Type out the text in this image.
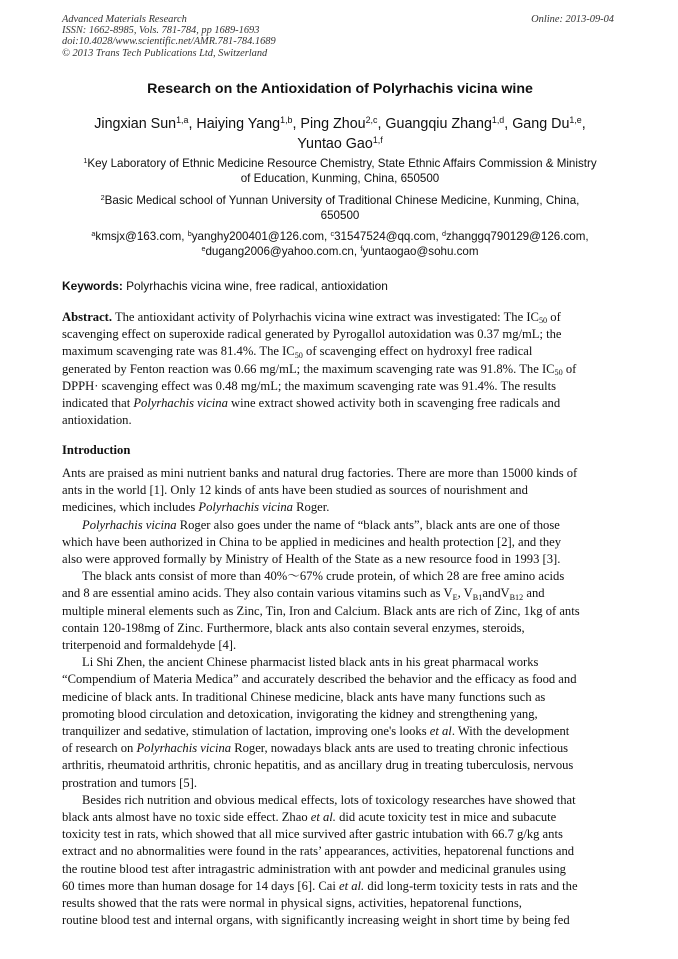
Advanced Materials Research
ISSN: 1662-8985, Vols. 781-784, pp 1689-1693
doi:10.4028/www.scientific.net/AMR.781-784.1689
© 2013 Trans Tech Publications Ltd, Switzerland
Online: 2013-09-04
Research on the Antioxidation of Polyrhachis vicina wine
Jingxian Sun$^{1,a}$, Haiying Yang$^{1,b}$, Ping Zhou$^{2,c}$, Guangqiu Zhang$^{1,d}$, Gang Du$^{1,e}$,
Yuntao Gao$^{1,f}$
$^1$Key Laboratory of Ethnic Medicine Resource Chemistry, State Ethnic Affairs Commission & Ministry
of Education, Kunming, China, 650500
$^2$Basic Medical school of Yunnan University of Traditional Chinese Medicine, Kunming, China,
650500
$^a$kmsjx@163.com, $^b$yanghy200401@126.com, $^c$31547524@qq.com, $^d$zhanggq790129@126.com,
$^e$dugang2006@yahoo.com.cn, $^f$yuntaogao@sohu.com
Keywords: Polyrhachis vicina wine, free radical, antioxidation
Abstract. The antioxidant activity of Polyrhachis vicina wine extract was investigated: The $IC_{50}$ of
scavenging effect on superoxide radical generated by Pyrogallol autoxidation was 0.37 mg/mL; the
maximum scavenging rate was 81.4%. The $IC_{50}$ of scavenging effect on hydroxyl free radical
generated by Fenton reaction was 0.66 mg/mL; the maximum scavenging rate was 91.8%. The $IC_{50}$ of
DPPH· scavenging effect was 0.48 mg/mL; the maximum scavenging rate was 91.4%. The results
indicated that Polyrhachis vicina wine extract showed activity both in scavenging free radicals and
antioxidation.
Introduction

Ants are praised as mini nutrient banks and natural drug factories. There are more than 15000 kinds of
ants in the world [1]. Only 12 kinds of ants have been studied as sources of nourishment and
medicines, which includes Polyrhachis vicina Roger.

Polyrhachis vicina Roger also goes under the name of “black ants”, black ants are one of those
which have been authorized in China to be applied in medicines and health protection [2], and they
also were approved formally by Ministry of Health of the State as a new resource food in 1993 [3].

The black ants consist of more than 40%～67% crude protein, of which 28 are free amino acids
and 8 are essential amino acids. They also contain various vitamins such as $V_E$, $V_{B1}andV_{B12}$ and
multiple mineral elements such as Zinc, Tin, Iron and Calcium. Black ants are rich of Zinc, 1kg of ants
contain 120-198mg of Zinc. Furthermore, black ants also contain several enzymes, steroids,
triterpenoid and formaldehyde [4].

Li Shi Zhen, the ancient Chinese pharmacist listed black ants in his great pharmacal works
“Compendium of Materia Medica” and accurately described the behavior and the efficacy as food and
medicine of black ants. In traditional Chinese medicine, black ants have many functions such as
promoting blood circulation and detoxication, invigorating the kidney and strengthening yang,
tranquilizer and sedative, stimulation of lactation, improving one's looks et al. With the development
of research on Polyrhachis vicina Roger, nowadays black ants are used to treating chronic infectious
arthritis, rheumatoid arthritis, chronic hepatitis, and as ancillary drug in treating tuberculosis, nervous
prostration and tumors [5].

Besides rich nutrition and obvious medical effects, lots of toxicology researches have showed that
black ants almost have no toxic side effect. Zhao et al. did acute toxicity test in mice and subacute
toxicity test in rats, which showed that all mice survived after gastric intubation with 66.7 g/kg ants
extract and no abnormalities were found in the rats’ appearances, activities, hepatorenal functions and
the routine blood test after intragastric administration with ant powder and medicinal granules using
60 times more than human dosage for 14 days [6]. Cai et al. did long-term toxicity tests in rats and the
results showed that the rats were normal in physical signs, activities, hepatorenal functions,
routine blood test and internal organs, with significantly increasing weight in short time by being fed
